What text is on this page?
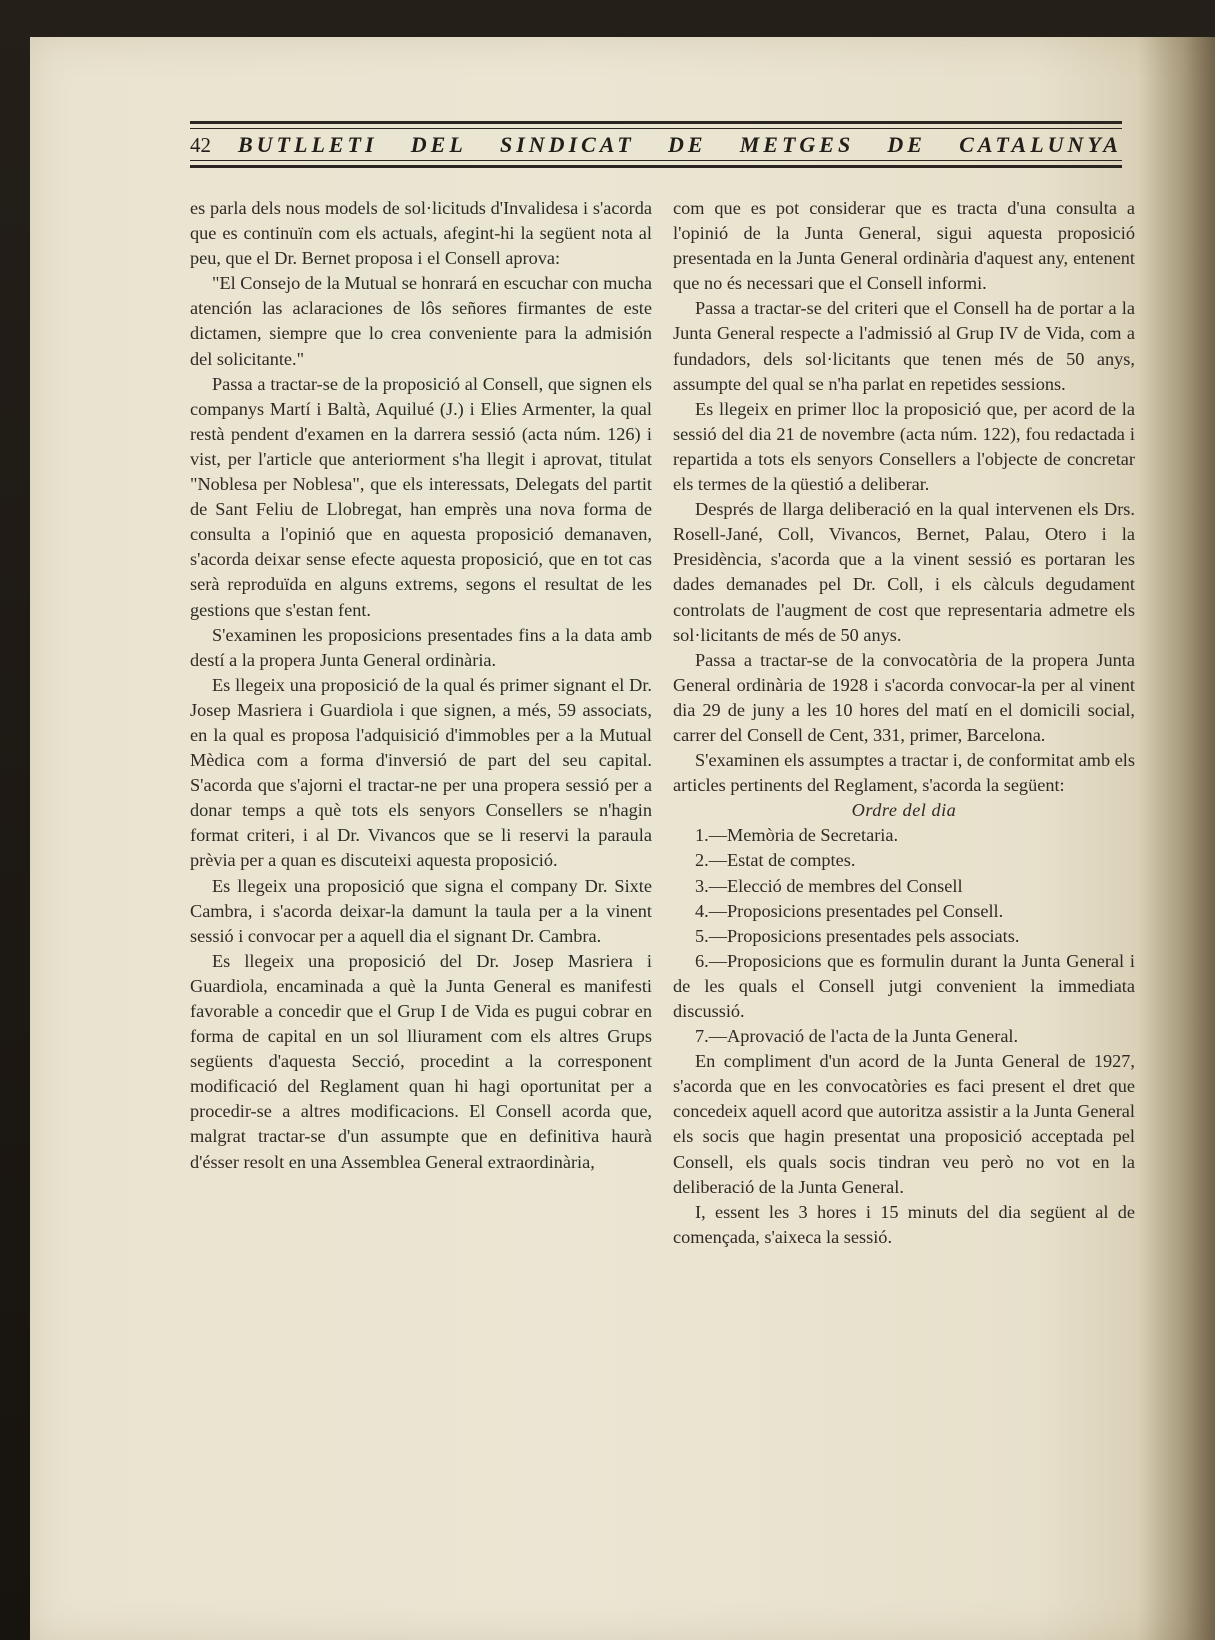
42	BUTLLETI DEL SINDICAT DE METGES DE CATALUNYA

es parla dels nous models de sol·licituds d'Invalidesa i s'acorda que es continuïn com els actuals, afegint-hi la següent nota al peu, que el Dr. Bernet proposa i el Consell aprova:

"El Consejo de la Mutual se honrará en escuchar con mucha atención las aclaraciones de lôs señores firmantes de este dictamen, siempre que lo crea conveniente para la admisión del solicitante."

Passa a tractar-se de la proposició al Consell, que signen els companys Martí i Baltà, Aquilué (J.) i Elies Armenter, la qual restà pendent d'examen en la darrera sessió (acta núm. 126) i vist, per l'article que anteriorment s'ha llegit i aprovat, titulat "Noblesa per Noblesa", que els interessats, Delegats del partit de Sant Feliu de Llobregat, han emprès una nova forma de consulta a l'opinió que en aquesta proposició demanaven, s'acorda deixar sense efecte aquesta proposició, que en tot cas serà reproduïda en alguns extrems, segons el resultat de les gestions que s'estan fent.

S'examinen les proposicions presentades fins a la data amb destí a la propera Junta General ordinària.

Es llegeix una proposició de la qual és primer signant el Dr. Josep Masriera i Guardiola i que signen, a més, 59 associats, en la qual es proposa l'adquisició d'immobles per a la Mutual Mèdica com a forma d'inversió de part del seu capital. S'acorda que s'ajorni el tractar-ne per una propera sessió per a donar temps a què tots els senyors Consellers se n'hagin format criteri, i al Dr. Vivancos que se li reservi la paraula prèvia per a quan es discuteixi aquesta proposició.

Es llegeix una proposició que signa el company Dr. Sixte Cambra, i s'acorda deixar-la damunt la taula per a la vinent sessió i convocar per a aquell dia el signant Dr. Cambra.

Es llegeix una proposició del Dr. Josep Masriera i Guardiola, encaminada a què la Junta General es manifesti favorable a concedir que el Grup I de Vida es pugui cobrar en forma de capital en un sol lliurament com els altres Grups següents d'aquesta Secció, procedint a la corresponent modificació del Reglament quan hi hagi oportunitat per a procedir-se a altres modificacions. El Consell acorda que, malgrat tractar-se d'un assumpte que en definitiva haurà d'ésser resolt en una Assemblea General extraordinària,

com que es pot considerar que es tracta d'una consulta a l'opinió de la Junta General, sigui aquesta proposició presentada en la Junta General ordinària d'aquest any, entenent que no és necessari que el Consell informi.

Passa a tractar-se del criteri que el Consell ha de portar a la Junta General respecte a l'admissió al Grup IV de Vida, com a fundadors, dels sol·licitants que tenen més de 50 anys, assumpte del qual se n'ha parlat en repetides sessions.

Es llegeix en primer lloc la proposició que, per acord de la sessió del dia 21 de novembre (acta núm. 122), fou redactada i repartida a tots els senyors Consellers a l'objecte de concretar els termes de la qüestió a deliberar.

Després de llarga deliberació en la qual intervenen els Drs. Rosell-Jané, Coll, Vivancos, Bernet, Palau, Otero i la Presidència, s'acorda que a la vinent sessió es portaran les dades demanades pel Dr. Coll, i els càlculs degudament controlats de l'augment de cost que representaria admetre els sol·licitants de més de 50 anys.

Passa a tractar-se de la convocatòria de la propera Junta General ordinària de 1928 i s'acorda convocar-la per al vinent dia 29 de juny a les 10 hores del matí en el domicili social, carrer del Consell de Cent, 331, primer, Barcelona.

S'examinen els assumptes a tractar i, de conformitat amb els articles pertinents del Reglament, s'acorda la següent:

Ordre del dia

1.—Memòria de Secretaria.

2.—Estat de comptes.

3.—Elecció de membres del Consell

4.—Proposicions presentades pel Consell.

5.—Proposicions presentades pels associats.

6.—Proposicions que es formulin durant la Junta General i de les quals el Consell jutgi convenient la immediata discussió.

7.—Aprovació de l'acta de la Junta General.

En compliment d'un acord de la Junta General de 1927, s'acorda que en les convocatòries es faci present el dret que concedeix aquell acord que autoritza assistir a la Junta General els socis que hagin presentat una proposició acceptada pel Consell, els quals socis tindran veu però no vot en la deliberació de la Junta General.

I, essent les 3 hores i 15 minuts del dia següent al de començada, s'aixeca la sessió.
